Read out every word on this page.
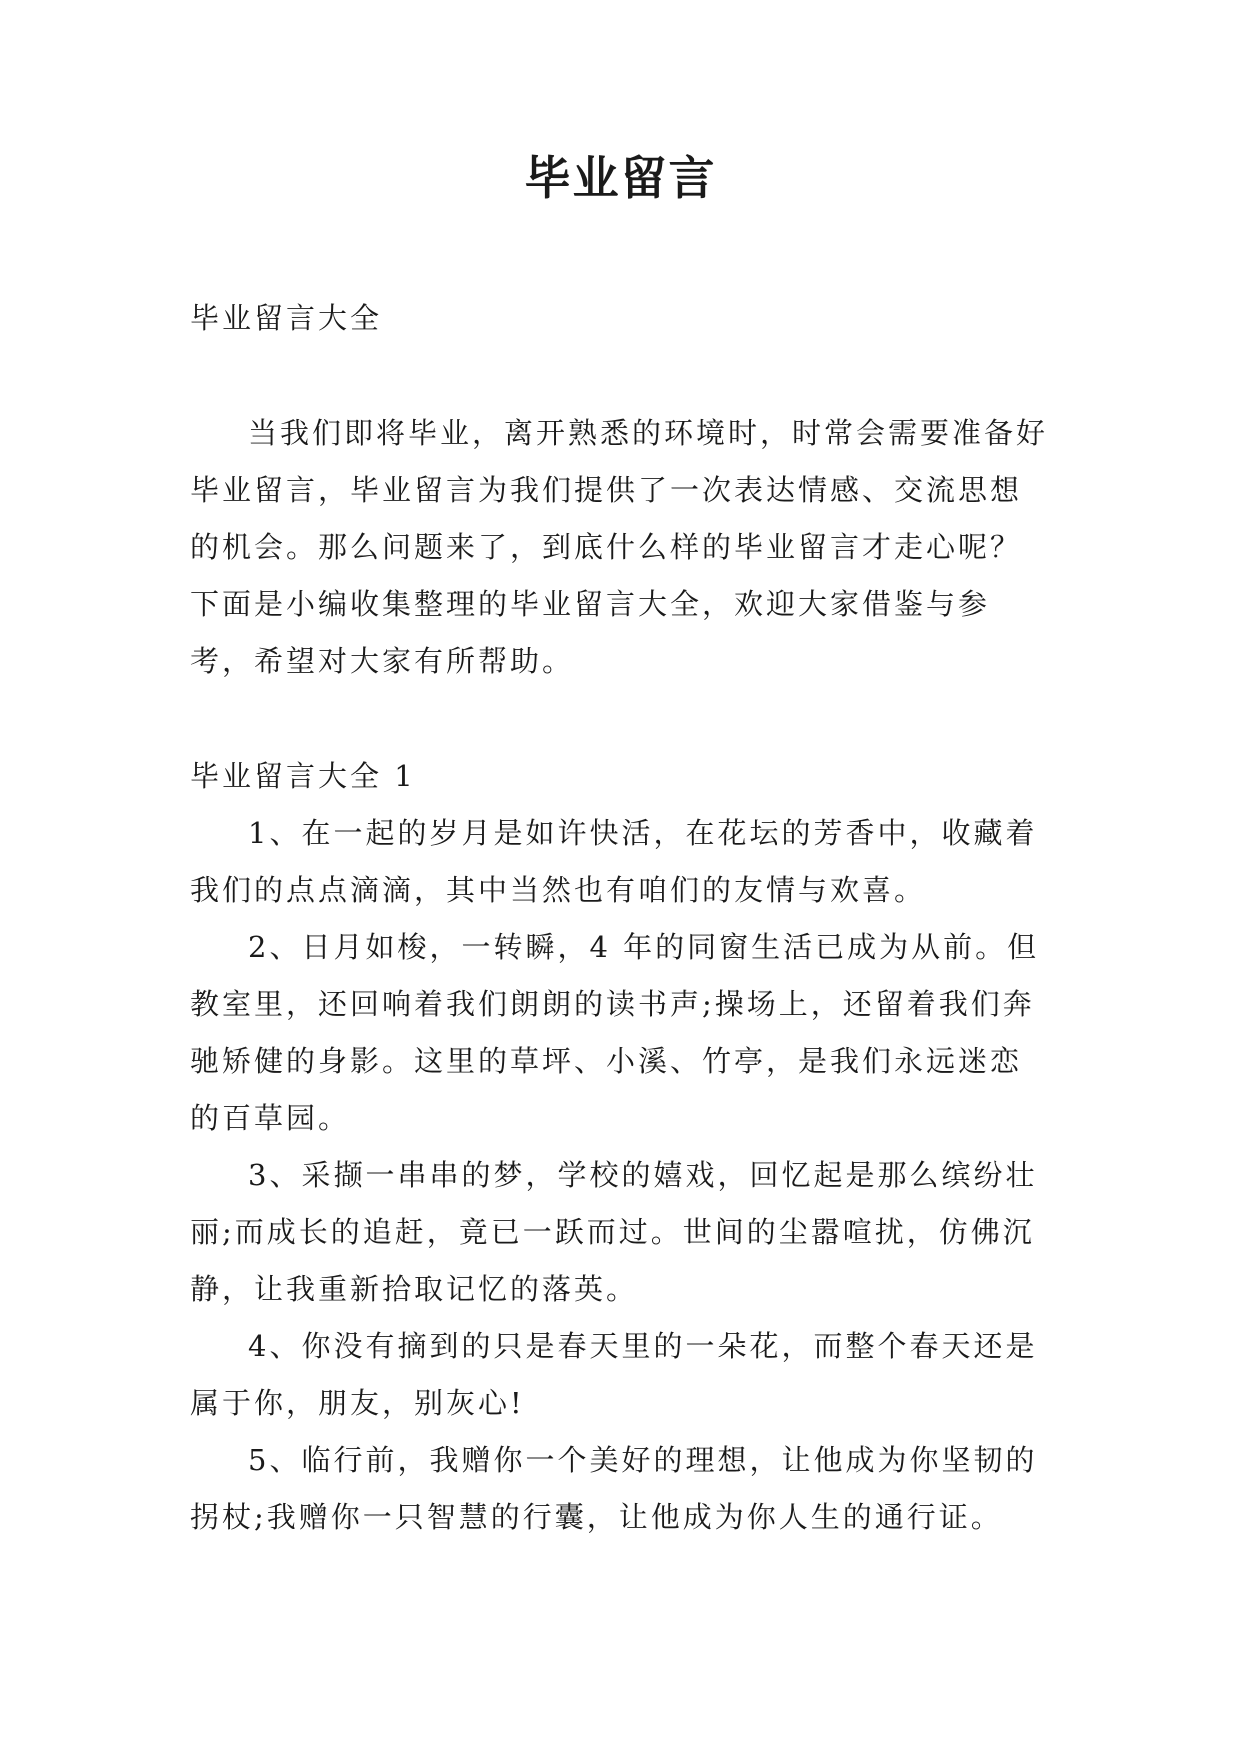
毕业留言

毕业留言大全

当我们即将毕业，离开熟悉的环境时，时常会需要准备好毕业留言，毕业留言为我们提供了一次表达情感、交流思想的机会。那么问题来了，到底什么样的毕业留言才走心呢？下面是小编收集整理的毕业留言大全，欢迎大家借鉴与参考，希望对大家有所帮助。

毕业留言大全 1

1、在一起的岁月是如许快活，在花坛的芳香中，收藏着我们的点点滴滴，其中当然也有咱们的友情与欢喜。

2、日月如梭，一转瞬，4 年的同窗生活已成为从前。但教室里，还回响着我们朗朗的读书声;操场上，还留着我们奔驰矫健的身影。这里的草坪、小溪、竹亭，是我们永远迷恋的百草园。

3、采撷一串串的梦，学校的嬉戏，回忆起是那么缤纷壮丽;而成长的追赶，竟已一跃而过。世间的尘嚣喧扰，仿佛沉静，让我重新拾取记忆的落英。

4、你没有摘到的只是春天里的一朵花，而整个春天还是属于你，朋友，别灰心!

5、临行前，我赠你一个美好的理想，让他成为你坚韧的拐杖;我赠你一只智慧的行囊，让他成为你人生的通行证。
